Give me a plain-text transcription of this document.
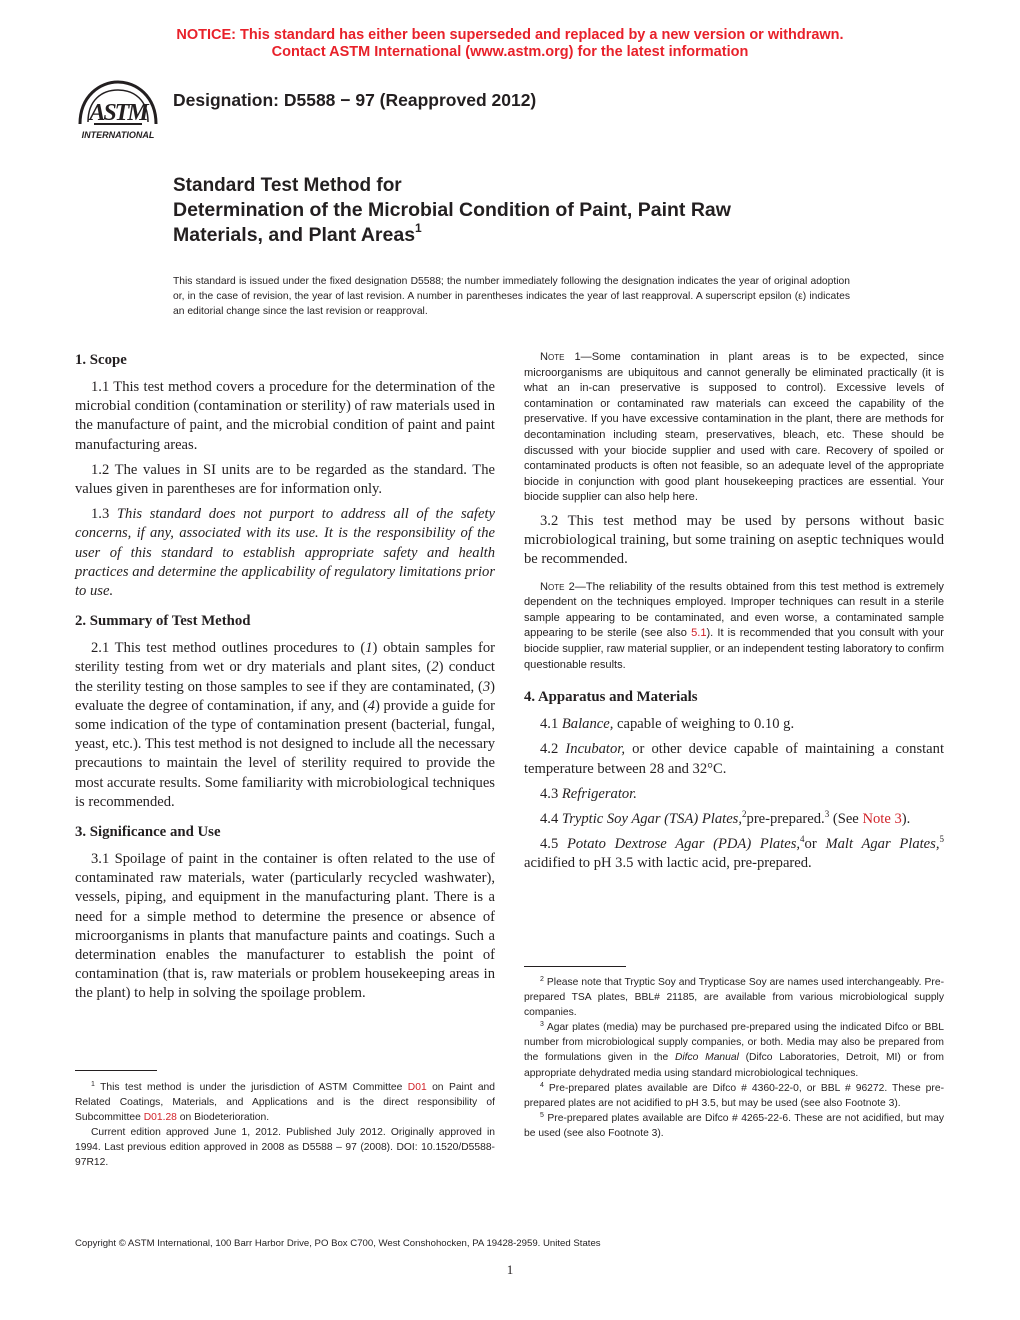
NOTICE: This standard has either been superseded and replaced by a new version or withdrawn.
Contact ASTM International (www.astm.org) for the latest information
ASTM
INTERNATIONAL
Designation: D5588 − 97 (Reapproved 2012)
Standard Test Method for
Determination of the Microbial Condition of Paint, Paint Raw
Materials, and Plant Areas$^1$
This standard is issued under the fixed designation D5588; the number immediately following the designation indicates the year of original adoption or, in the case of revision, the year of last revision. A number in parentheses indicates the year of last reapproval. A superscript epsilon (ε) indicates an editorial change since the last revision or reapproval.
1. Scope

1.1 This test method covers a procedure for the determination of the microbial condition (contamination or sterility) of raw materials used in the manufacture of paint, and the microbial condition of paint and paint manufacturing areas.

1.2 The values in SI units are to be regarded as the standard. The values given in parentheses are for information only.

1.3 This standard does not purport to address all of the safety concerns, if any, associated with its use. It is the responsibility of the user of this standard to establish appropriate safety and health practices and determine the applicability of regulatory limitations prior to use.

2. Summary of Test Method

2.1 This test method outlines procedures to (1) obtain samples for sterility testing from wet or dry materials and plant sites, (2) conduct the sterility testing on those samples to see if they are contaminated, (3) evaluate the degree of contamination, if any, and (4) provide a guide for some indication of the type of contamination present (bacterial, fungal, yeast, etc.). This test method is not designed to include all the necessary precautions to maintain the level of sterility required to provide the most accurate results. Some familiarity with microbiological techniques is recommended.

3. Significance and Use

3.1 Spoilage of paint in the container is often related to the use of contaminated raw materials, water (particularly recycled washwater), vessels, piping, and equipment in the manufacturing plant. There is a need for a simple method to determine the presence or absence of microorganisms in plants that manufacture paints and coatings. Such a determination enables the manufacturer to establish the point of contamination (that is, raw materials or problem housekeeping areas in the plant) to help in solving the spoilage problem.

Note 1—Some contamination in plant areas is to be expected, since microorganisms are ubiquitous and cannot generally be eliminated practically (it is what an in-can preservative is supposed to control). Excessive levels of contamination or contaminated raw materials can exceed the capability of the preservative. If you have excessive contamination in the plant, there are methods for decontamination including steam, preservatives, bleach, etc. These should be discussed with your biocide supplier and used with care. Recovery of spoiled or contaminated products is often not feasible, so an adequate level of the appropriate biocide in conjunction with good plant housekeeping practices are essential. Your biocide supplier can also help here.

3.2 This test method may be used by persons without basic microbiological training, but some training on aseptic techniques would be recommended.

Note 2—The reliability of the results obtained from this test method is extremely dependent on the techniques employed. Improper techniques can result in a sterile sample appearing to be contaminated, and even worse, a contaminated sample appearing to be sterile (see also 5.1). It is recommended that you consult with your biocide supplier, raw material supplier, or an independent testing laboratory to confirm questionable results.

4. Apparatus and Materials

4.1 Balance, capable of weighing to 0.10 g.

4.2 Incubator, or other device capable of maintaining a constant temperature between 28 and 32°C.

4.3 Refrigerator.

4.4 Tryptic Soy Agar (TSA) Plates,$^2$pre-prepared.$^3$ (See Note 3).

4.5 Potato Dextrose Agar (PDA) Plates,$^4$or Malt Agar Plates,$^5$ acidified to pH 3.5 with lactic acid, pre-prepared.

$^1$ This test method is under the jurisdiction of ASTM Committee D01 on Paint and Related Coatings, Materials, and Applications and is the direct responsibility of Subcommittee D01.28 on Biodeterioration.

Current edition approved June 1, 2012. Published July 2012. Originally approved in 1994. Last previous edition approved in 2008 as D5588 – 97 (2008). DOI: 10.1520/D5588-97R12.

$^2$ Please note that Tryptic Soy and Trypticase Soy are names used interchangeably. Pre-prepared TSA plates, BBL# 21185, are available from various microbiological supply companies.

$^3$ Agar plates (media) may be purchased pre-prepared using the indicated Difco or BBL number from microbiological supply companies, or both. Media may also be prepared from the formulations given in the Difco Manual (Difco Laboratories, Detroit, MI) or from appropriate dehydrated media using standard microbiological techniques.

$^4$ Pre-prepared plates available are Difco # 4360-22-0, or BBL # 96272. These pre-prepared plates are not acidified to pH 3.5, but may be used (see also Footnote 3).

$^5$ Pre-prepared plates available are Difco # 4265-22-6. These are not acidified, but may be used (see also Footnote 3).

Copyright © ASTM International, 100 Barr Harbor Drive, PO Box C700, West Conshohocken, PA 19428-2959. United States
1
